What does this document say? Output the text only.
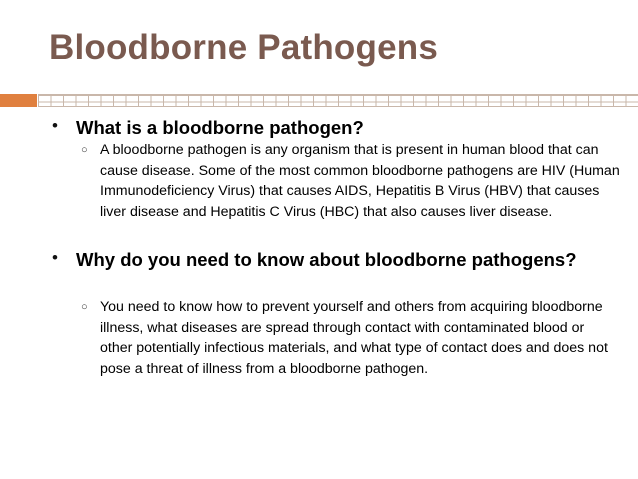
Bloodborne Pathogens
• What is a bloodborne pathogen?
○ A bloodborne pathogen is any organism that is present in human blood that can cause disease. Some of the most common bloodborne pathogens are HIV (Human Immunodeficiency Virus) that causes AIDS, Hepatitis B Virus (HBV) that causes liver disease and Hepatitis C Virus (HBC) that also causes liver disease.
• Why do you need to know about bloodborne pathogens?
○ You need to know how to prevent yourself and others from acquiring bloodborne illness, what diseases are spread through contact with contaminated blood or other potentially infectious materials, and what type of contact does and does not pose a threat of illness from a bloodborne pathogen.
